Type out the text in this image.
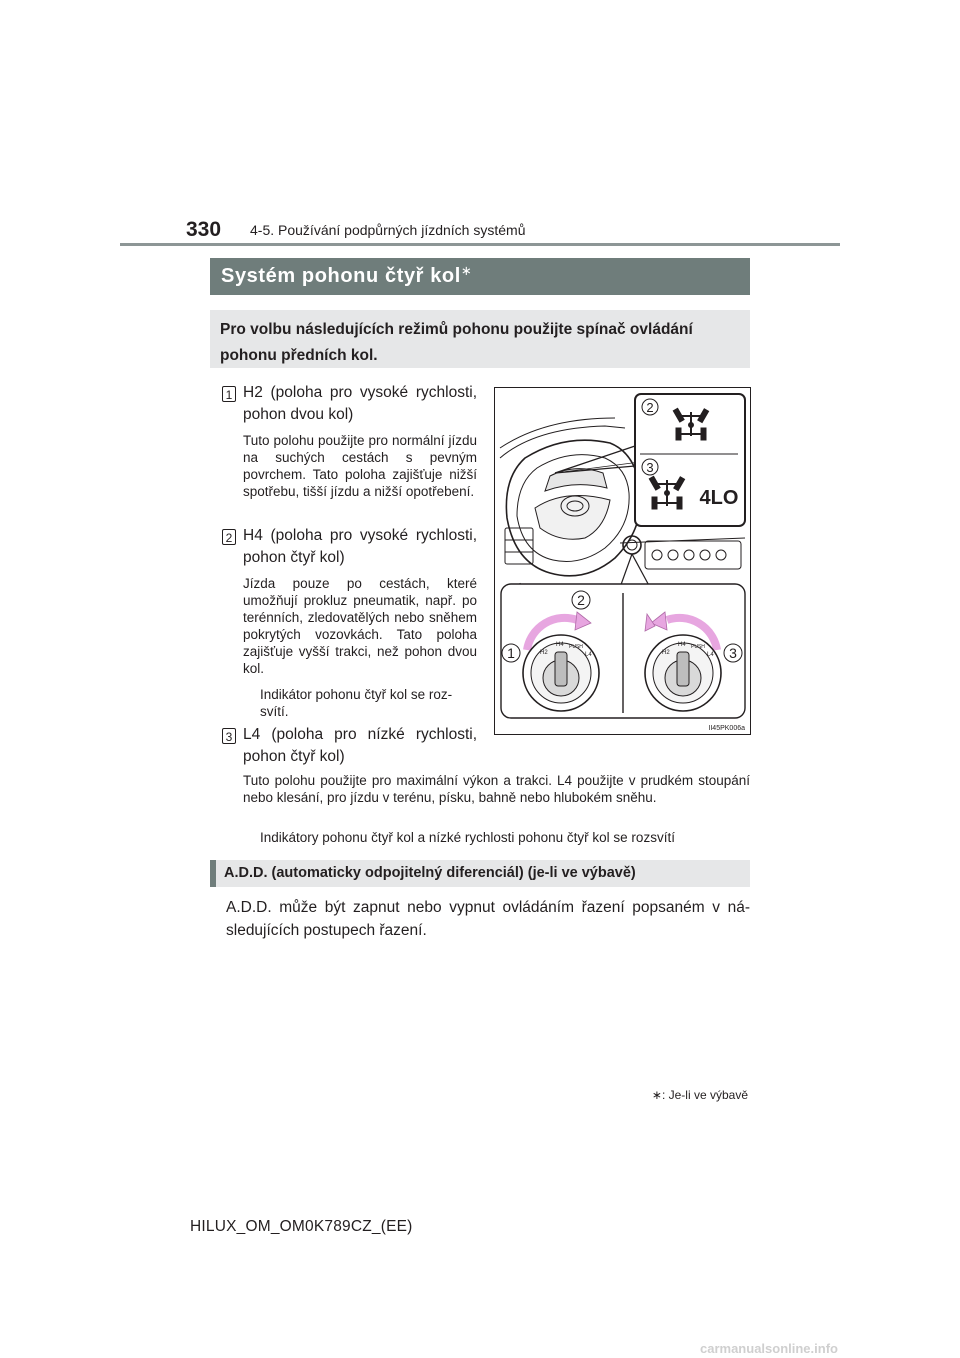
330 4-5. Používání podpůrných jízdních systémů
Systém pohonu čtyř kol∗
Pro volbu následujících režimů pohonu použijte spínač ovládání pohonu předních kol.
1 H2 (poloha pro vysoké rychlosti, pohon dvou kol)
Tuto polohu použijte pro normální jízdu na suchých cestách s pevným povrchem. Tato poloha zajišťuje nižší spotřebu, tišší jízdu a nižší opotřebení.
2 H4 (poloha pro vysoké rychlosti, pohon čtyř kol)
Jízda pouze po cestách, které umožňují prokluz pneumatik, např. po terénních, zledovatělých nebo sněhem pokrytých vozovkách. Tato poloha zajišťuje vyšší trakci, než pohon dvou kol.
Indikátor pohonu čtyř kol se roz-svítí.
3 L4 (poloha pro nízké rychlosti, pohon čtyř kol)
Tuto polohu použijte pro maximální výkon a trakci. L4 použijte v prudkém stoupání nebo klesání, pro jízdu v terénu, písku, bahně nebo hlubokém sněhu.
Indikátory pohonu čtyř kol a nízké rychlosti pohonu čtyř kol se rozsvítí
2
3
4LO
H2
H4 PUSH
L4	H2
H4 PUSH
L4
2
1	3
II45PK006a
A.D.D. (automaticky odpojitelný diferenciál) (je-li ve výbavě)
A.D.D. může být zapnut nebo vypnut ovládáním řazení popsaném v ná-sledujících postupech řazení.
∗: Je-li ve výbavě
HILUX_OM_OM0K789CZ_(EE)
carmanualsonline.info
